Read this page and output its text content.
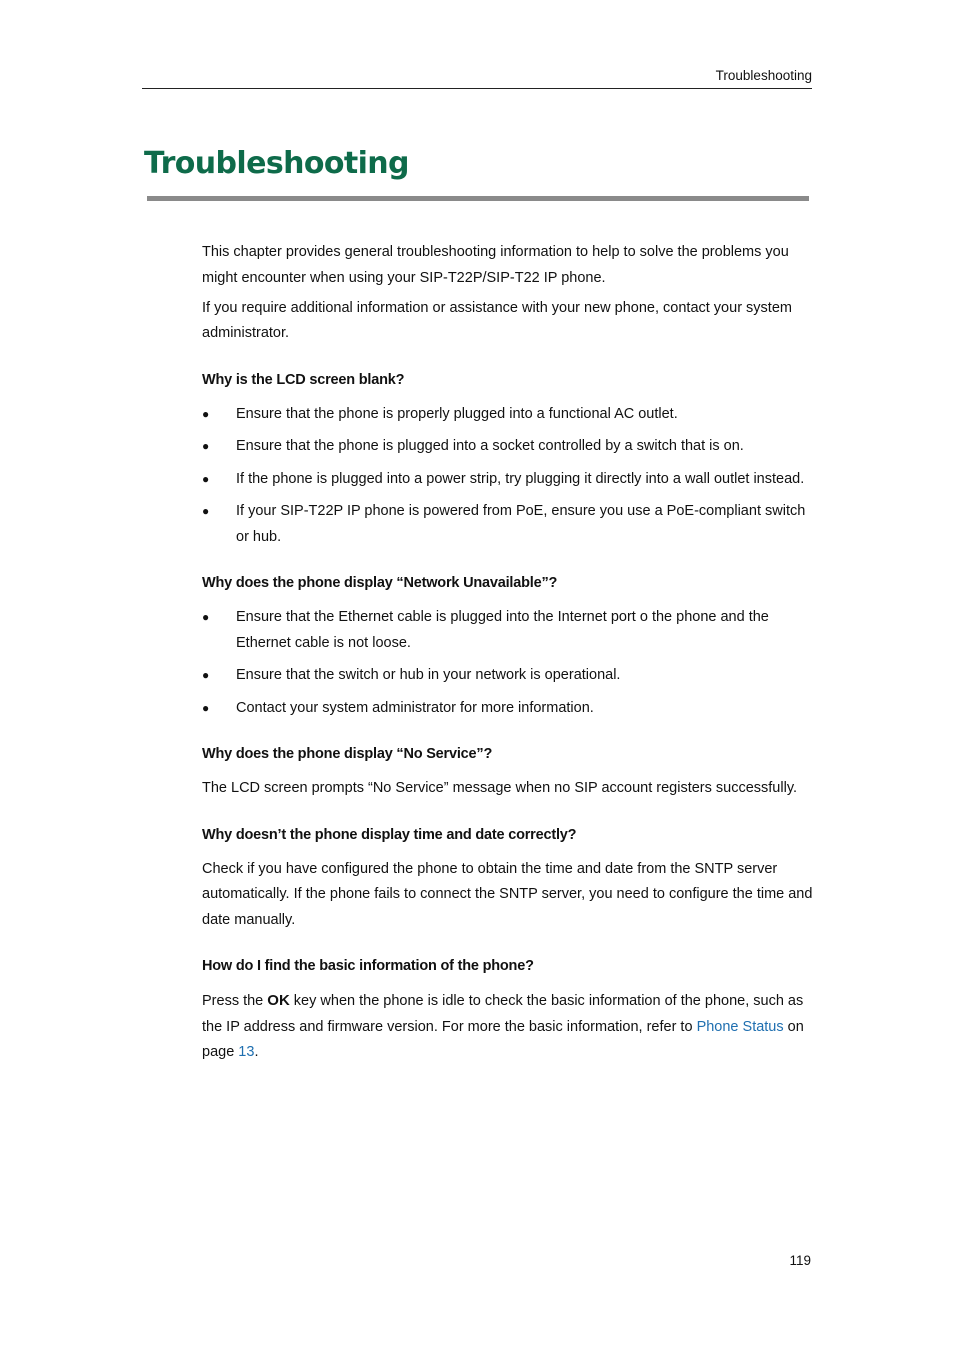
Troubleshooting
Troubleshooting

This chapter provides general troubleshooting information to help to solve the problems you might encounter when using your SIP-T22P/SIP-T22 IP phone.

If you require additional information or assistance with your new phone, contact your system administrator.

Why is the LCD screen blank?
● Ensure that the phone is properly plugged into a functional AC outlet.
● Ensure that the phone is plugged into a socket controlled by a switch that is on.
● If the phone is plugged into a power strip, try plugging it directly into a wall outlet instead.
● If your SIP-T22P IP phone is powered from PoE, ensure you use a PoE-compliant switch or hub.
Why does the phone display “Network Unavailable”?
● Ensure that the Ethernet cable is plugged into the Internet port o the phone and the Ethernet cable is not loose.
● Ensure that the switch or hub in your network is operational.
● Contact your system administrator for more information.
Why does the phone display “No Service”?

The LCD screen prompts “No Service” message when no SIP account registers successfully.

Why doesn’t the phone display time and date correctly?

Check if you have configured the phone to obtain the time and date from the SNTP server automatically. If the phone fails to connect the SNTP server, you need to configure the time and date manually.

How do I find the basic information of the phone?

Press the OK key when the phone is idle to check the basic information of the phone, such as the IP address and firmware version. For more the basic information, refer to Phone Status on page 13.

119
